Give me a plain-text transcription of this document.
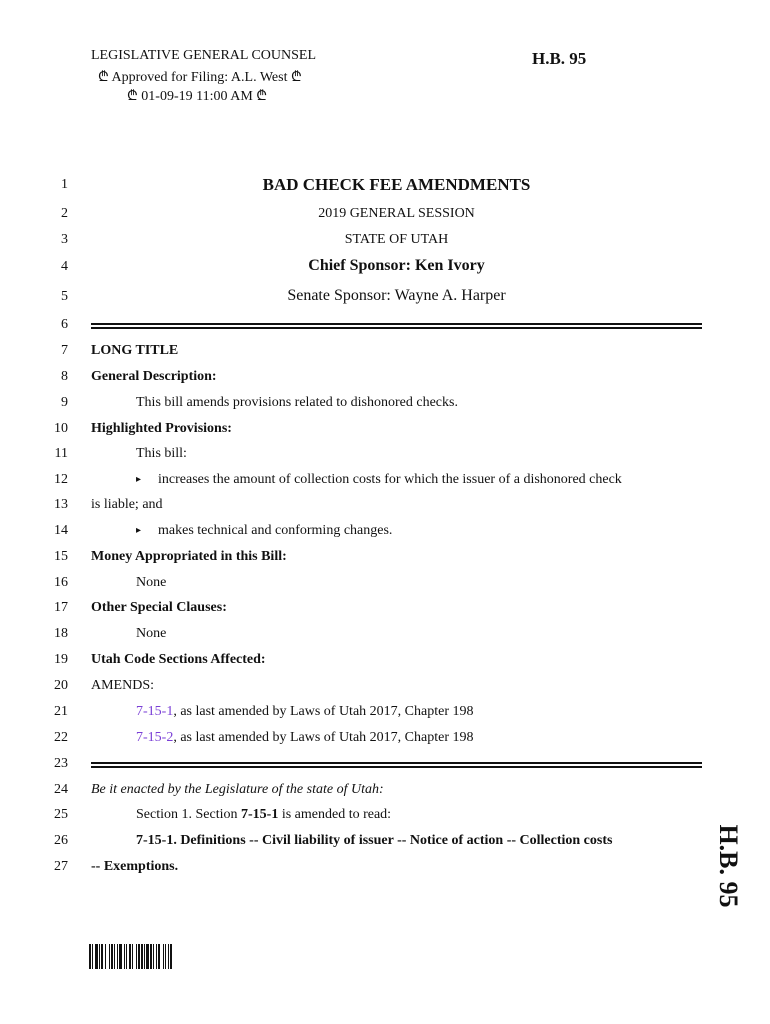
LEGISLATIVE GENERAL COUNSEL
₾ Approved for Filing: A.L. West ₾
₾ 01-09-19 11:00 AM ₾
H.B. 95
1
2
3
4
5
6
7
8
9
10
11
12
13
14
15
16
17
18
19
20
21
22
23
24
25
26
27
BAD CHECK FEE AMENDMENTS
2019 GENERAL SESSION
STATE OF UTAH
Chief Sponsor: Ken Ivory
Senate Sponsor: Wayne A. Harper
LONG TITLE
General Description:
This bill amends provisions related to dishonored checks.
Highlighted Provisions:
This bill:
▸ increases the amount of collection costs for which the issuer of a dishonored check
is liable; and
▸ makes technical and conforming changes.
Money Appropriated in this Bill:
None
Other Special Clauses:
None
Utah Code Sections Affected:
AMENDS:
7-15-1, as last amended by Laws of Utah 2017, Chapter 198
7-15-2, as last amended by Laws of Utah 2017, Chapter 198
Be it enacted by the Legislature of the state of Utah:
Section 1. Section 7-15-1 is amended to read:
7-15-1. Definitions -- Civil liability of issuer -- Notice of action -- Collection costs
-- Exemptions.	H.B. 95
